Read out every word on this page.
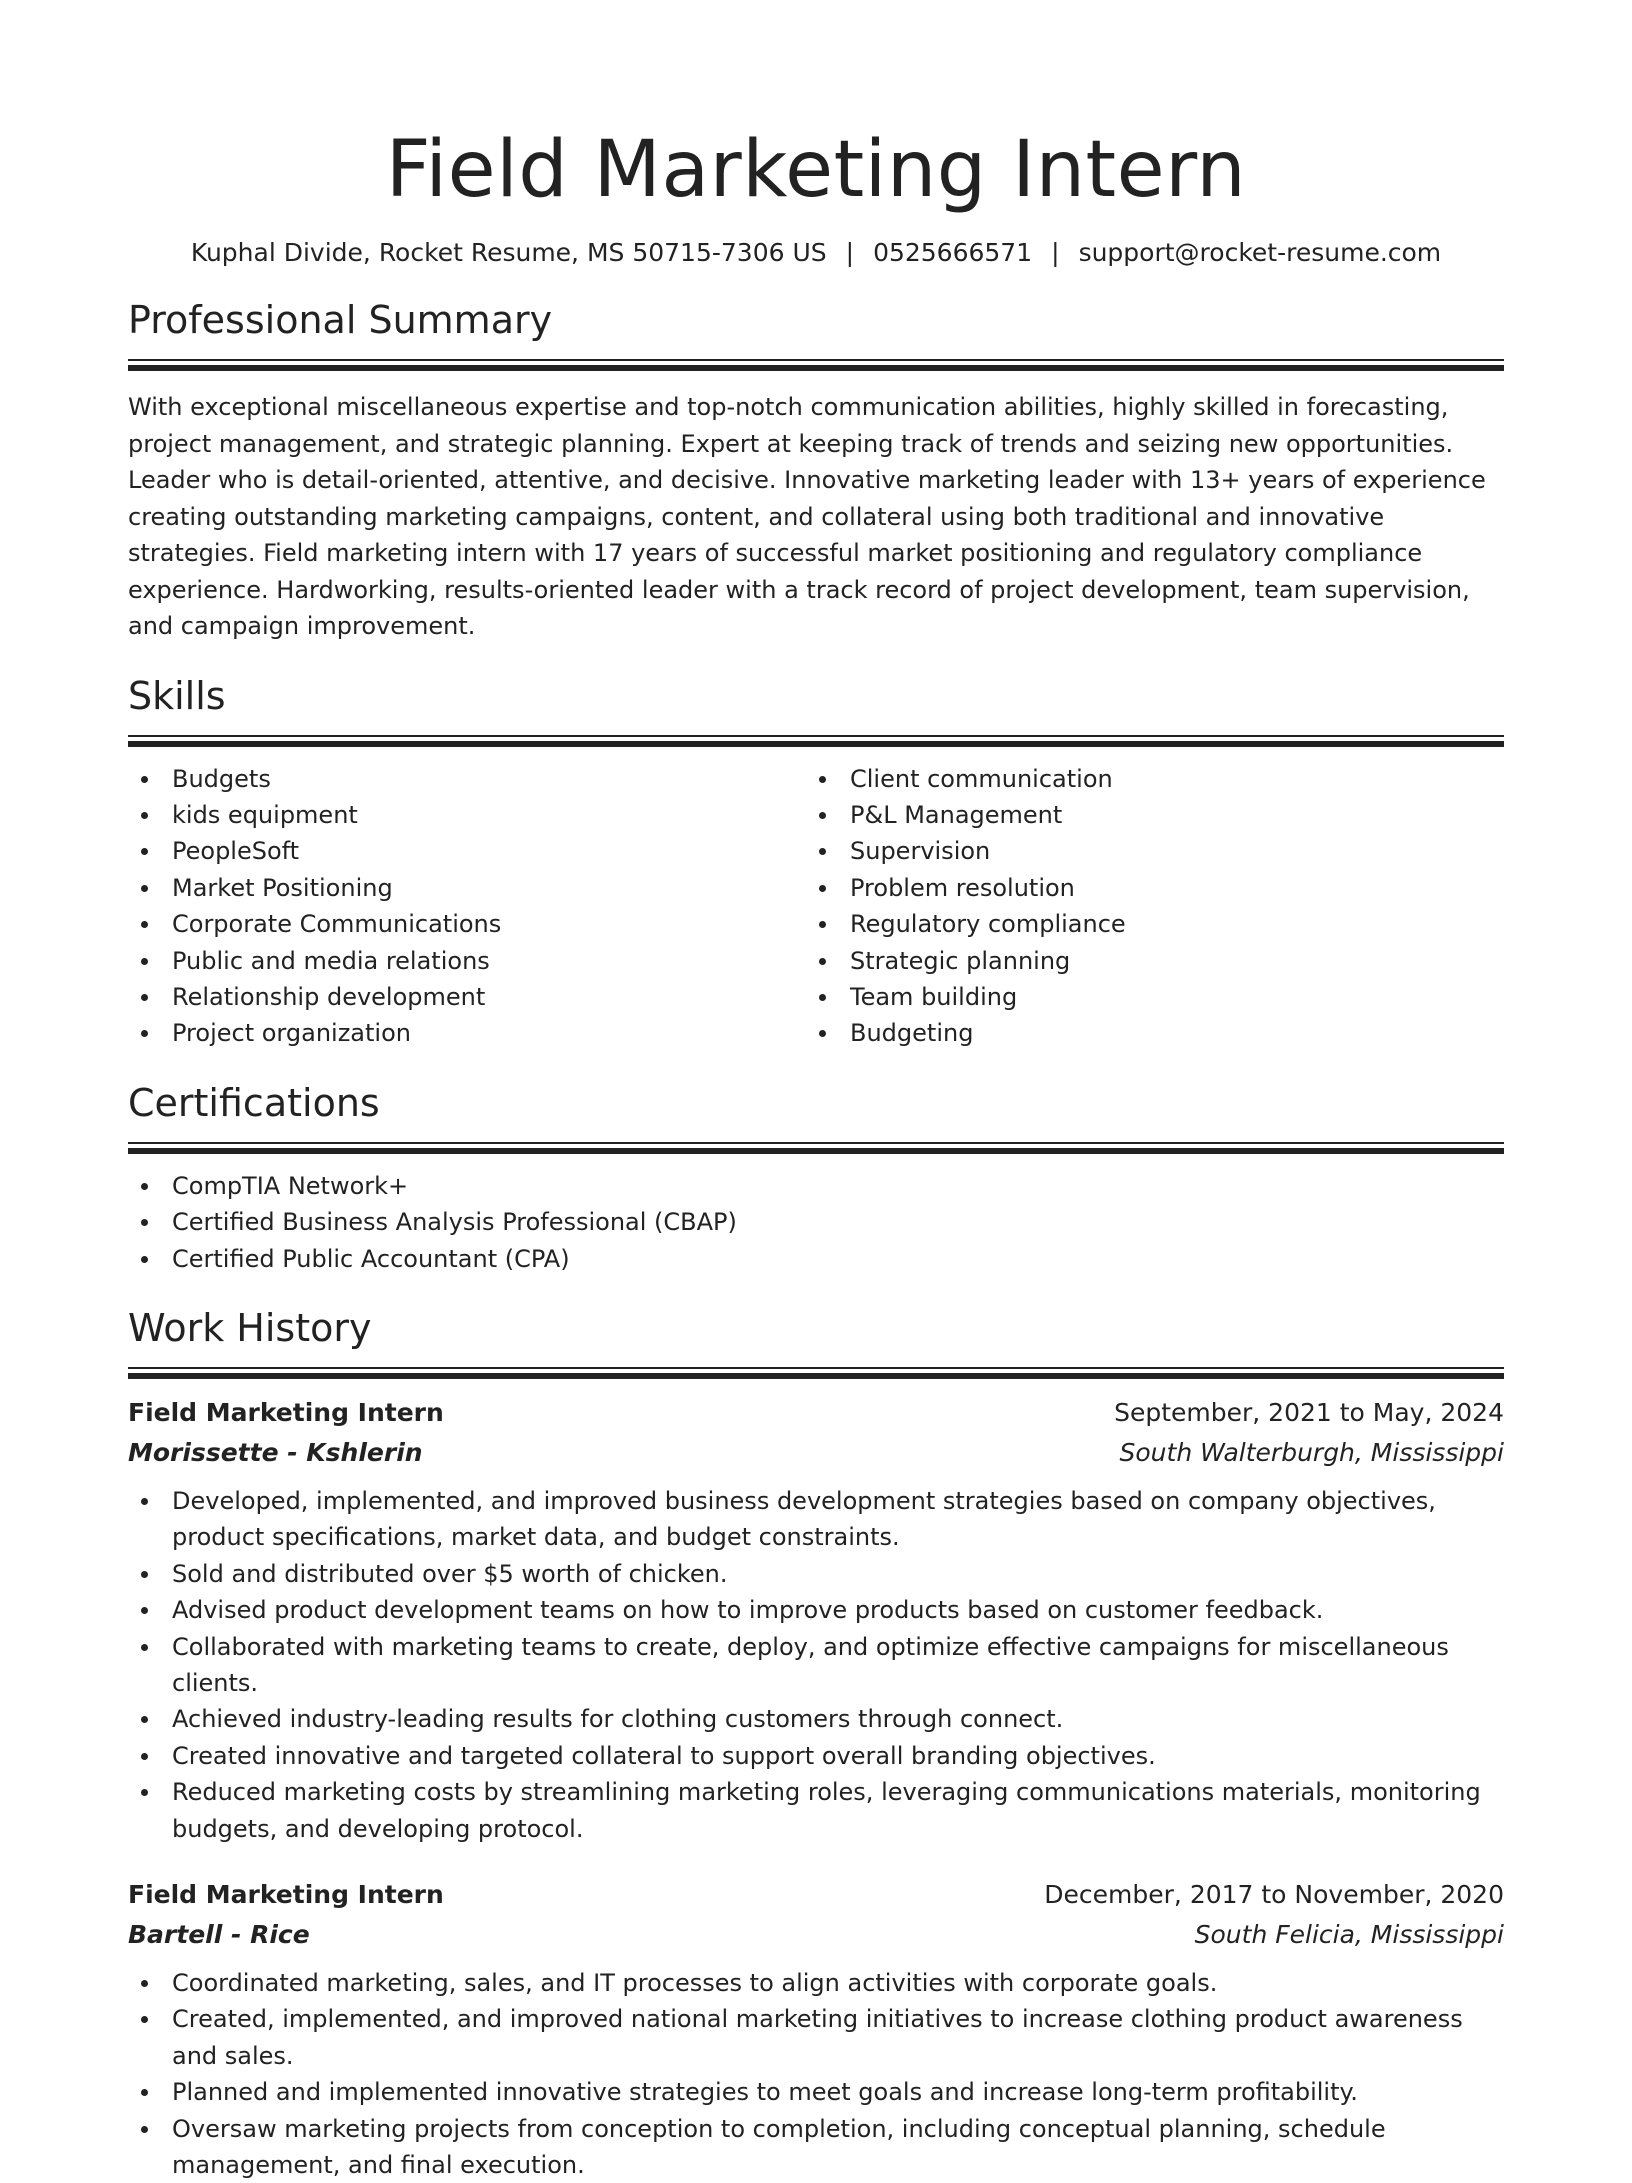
Field Marketing Intern
Kuphal Divide, Rocket Resume, MS 50715-7306 US | 0525666571 | support@rocket-resume.com
Professional Summary
With exceptional miscellaneous expertise and top-notch communication abilities, highly skilled in forecasting, project management, and strategic planning. Expert at keeping track of trends and seizing new opportunities. Leader who is detail-oriented, attentive, and decisive. Innovative marketing leader with 13+ years of experience creating outstanding marketing campaigns, content, and collateral using both traditional and innovative strategies. Field marketing intern with 17 years of successful market positioning and regulatory compliance experience. Hardworking, results-oriented leader with a track record of project development, team supervision, and campaign improvement.
Skills
Budgets
kids equipment
PeopleSoft
Market Positioning
Corporate Communications
Public and media relations
Relationship development
Project organization
Client communication
P&L Management
Supervision
Problem resolution
Regulatory compliance
Strategic planning
Team building
Budgeting
Certifications
CompTIA Network+
Certified Business Analysis Professional (CBAP)
Certified Public Accountant (CPA)
Work History
Field Marketing Intern	September, 2021 to May, 2024
Morissette - Kshlerin	South Walterburgh, Mississippi
Developed, implemented, and improved business development strategies based on company objectives, product specifications, market data, and budget constraints.
Sold and distributed over $5 worth of chicken.
Advised product development teams on how to improve products based on customer feedback.
Collaborated with marketing teams to create, deploy, and optimize effective campaigns for miscellaneous clients.
Achieved industry-leading results for clothing customers through connect.
Created innovative and targeted collateral to support overall branding objectives.
Reduced marketing costs by streamlining marketing roles, leveraging communications materials, monitoring budgets, and developing protocol.
Field Marketing Intern	December, 2017 to November, 2020
Bartell - Rice	South Felicia, Mississippi
Coordinated marketing, sales, and IT processes to align activities with corporate goals.
Created, implemented, and improved national marketing initiatives to increase clothing product awareness and sales.
Planned and implemented innovative strategies to meet goals and increase long-term profitability.
Oversaw marketing projects from conception to completion, including conceptual planning, schedule management, and final execution.
